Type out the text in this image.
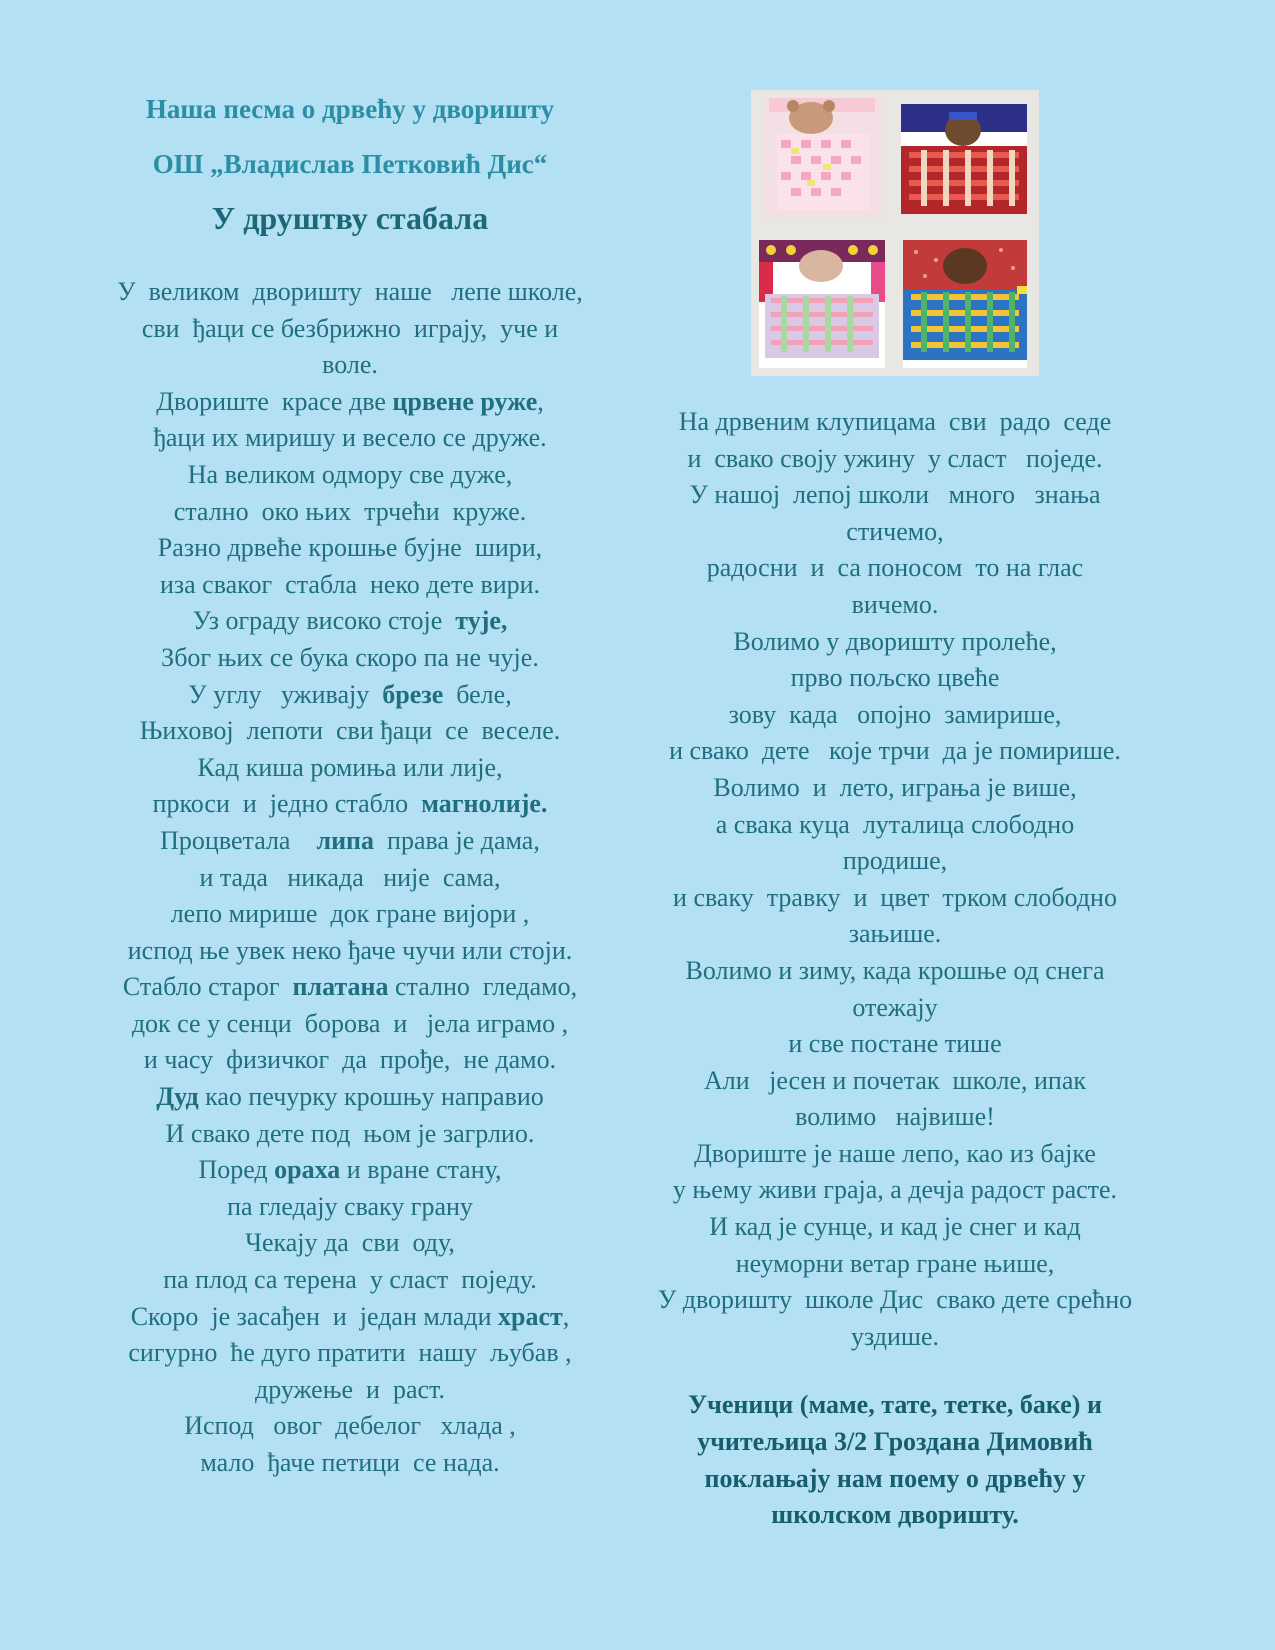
Наша песма о дрвећу у дворишту
ОШ „Владислав Петковић Дис“
У друштву стабала
У  великом  дворишту  наше   лепе школе,
сви  ђаци се безбрижно  играју,  уче и
воле.
Двориште  красе две црвене руже,
ђаци их миришу и весело се друже.
На великом одмору све дуже,
стално  око њих  трчећи  круже.
Разно дрвеће крошње бујне  шири,
иза сваког  стабла  неко дете вири.
Уз ограду високо стоје  тује,
Због њих се бука скоро па не чује.
У углу   уживају  брезе  беле,
Њиховој  лепоти  сви ђаци  се  веселе.
Кад киша ромиња или лије,
пркоси  и  једно стабло  магнолије.
Процветала    липа  права је дама,
и тада   никада   није  сама,
лепо мирише  док гране вијори ,
испод ње увек неко ђаче чучи или стоји.
Стабло старог  платана стално  гледамо,
док се у сенци  борова  и   јела играмо ,
и часу  физичког  да  прође,  не дамо.
Дуд као печурку крошњу направио
И свако дете под  њом је загрлио.
Поред ораха и вране стану,
па гледају сваку грану
Чекају да  сви  оду,
па плод са терена  у сласт  поједу.
Скоро  је засађен  и  један млади храст,
сигурно  ће дуго пратити  нашу  љубав ,
дружење  и  раст.
Испод   овог  дебелог   хлада ,
мало  ђаче петици  се нада.
На дрвеним клупицама  сви  радо  седе
и  свако своју ужину  у сласт   поједе.
У нашој  лепој школи   много   знања
стичемо,
радосни  и  са поносом  то на глас
вичемо.
Волимо у дворишту пролеће,
прво пољско цвеће
зову  када   опојно  замирише,
и свако  дете   које трчи  да је помирише.
Волимо  и  лето, играња је више,
а свака куца  луталица слободно
продише,
и сваку  травку  и  цвет  трком слободно
зањише.
Волимо и зиму, када крошње од снега
отежају
и све постане тише
Али   јесен и почетак  школе, ипак
волимо   највише!
Двориште је наше лепо, као из бајке
у њему живи граја, а дечја радост расте.
И кад је сунце, и кад је снег и кад
неуморни ветар гране њише,
У дворишту  школе Дис  свако дете срећно
уздише.
Ученици (маме, тате, тетке, баке) и
учитељица 3/2 Гроздана Димовић
поклањају нам поему о дрвећу у
школском дворишту.
